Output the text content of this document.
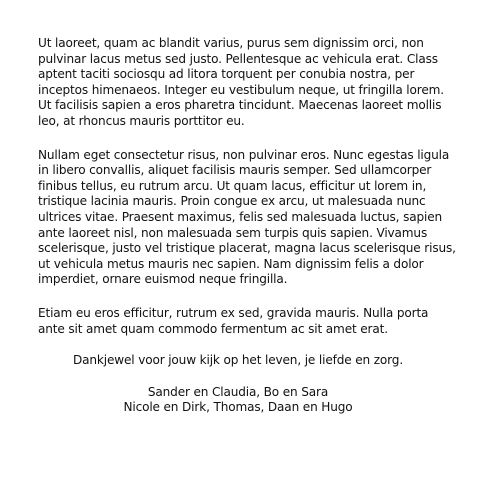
Ut laoreet, quam ac blandit varius, purus sem dignissim orci, non pulvinar lacus metus sed justo. Pellentesque ac vehicula erat. Class aptent taciti sociosqu ad litora torquent per conubia nostra, per inceptos himenaeos. Integer eu vestibulum neque, ut fringilla lorem. Ut facilisis sapien a eros pharetra tincidunt. Maecenas laoreet mollis leo, at rhoncus mauris porttitor eu.

Nullam eget consectetur risus, non pulvinar eros. Nunc egestas ligula in libero convallis, aliquet facilisis mauris semper. Sed ullamcorper finibus tellus, eu rutrum arcu. Ut quam lacus, efficitur ut lorem in, tristique lacinia mauris. Proin congue ex arcu, ut malesuada nunc ultrices vitae. Praesent maximus, felis sed malesuada luctus, sapien ante laoreet nisl, non malesuada sem turpis quis sapien. Vivamus scelerisque, justo vel tristique placerat, magna lacus scelerisque risus, ut vehicula metus mauris nec sapien. Nam dignissim felis a dolor imperdiet, ornare euismod neque fringilla.

Etiam eu eros efficitur, rutrum ex sed, gravida mauris. Nulla porta ante sit amet quam commodo fermentum ac sit amet erat.

Dankjewel voor jouw kijk op het leven, je liefde en zorg.

Sander en Claudia, Bo en Sara
Nicole en Dirk, Thomas, Daan en Hugo
